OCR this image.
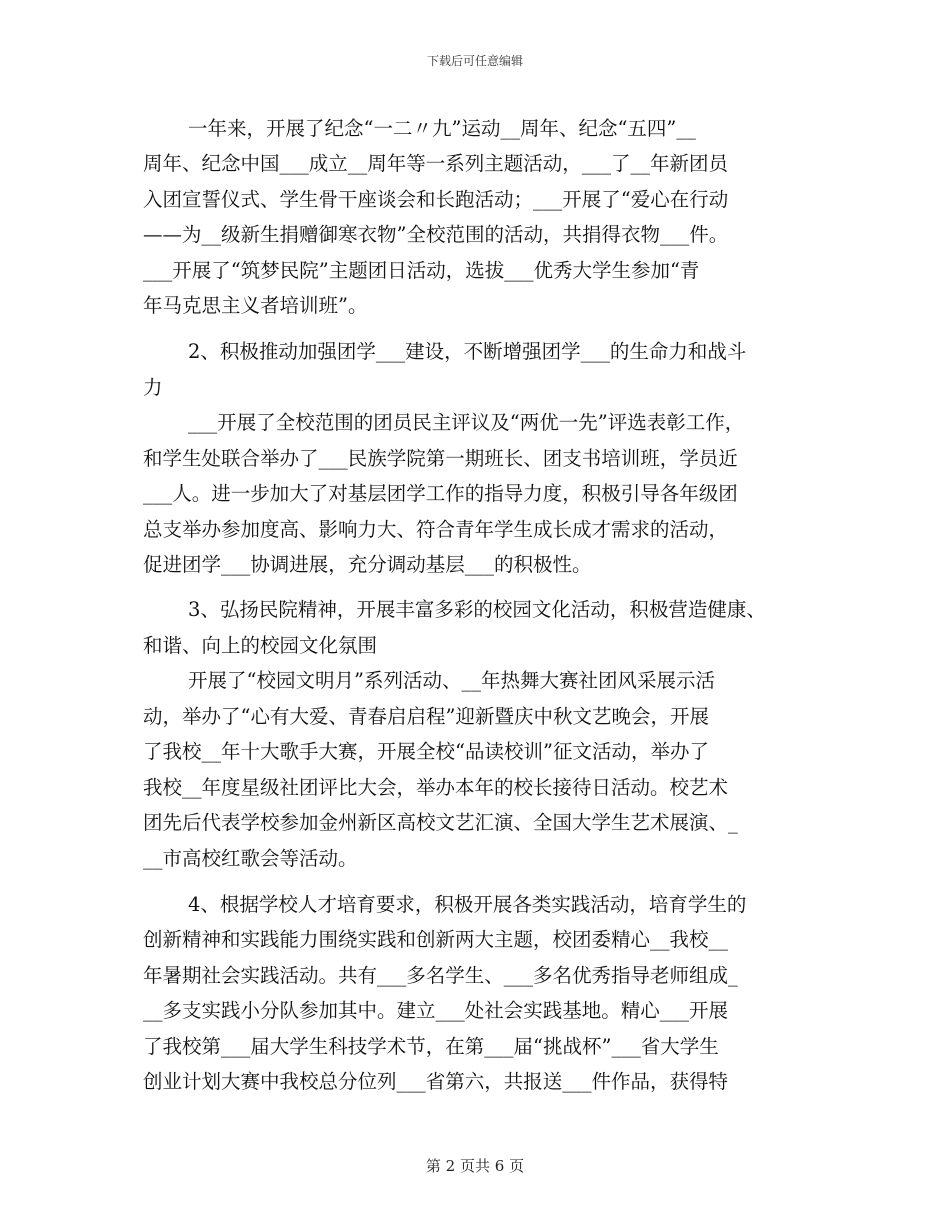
下载后可任意编辑
一年来，开展了纪念“一二〃九”运动__周年、纪念“五四”__
周年、纪念中国___成立__周年等一系列主题活动，___了__年新团员
入团宣誓仪式、学生骨干座谈会和长跑活动；___开展了“爱心在行动
——为__级新生捐赠御寒衣物”全校范围的活动，共捐得衣物___件。
___开展了“筑梦民院”主题团日活动，选拔___优秀大学生参加“青
年马克思主义者培训班”。
2、积极推动加强团学___建设，不断增强团学___的生命力和战斗
力
___开展了全校范围的团员民主评议及“两优一先”评选表彰工作，
和学生处联合举办了___民族学院第一期班长、团支书培训班，学员近
___人。进一步加大了对基层团学工作的指导力度，积极引导各年级团
总支举办参加度高、影响力大、符合青年学生成长成才需求的活动，
促进团学___协调进展，充分调动基层___的积极性。
3、弘扬民院精神，开展丰富多彩的校园文化活动，积极营造健康、
和谐、向上的校园文化氛围
开展了“校园文明月”系列活动、__年热舞大赛社团风采展示活
动，举办了“心有大爱、青春启启程”迎新暨庆中秋文艺晚会，开展
了我校__年十大歌手大赛，开展全校“品读校训”征文活动，举办了
我校__年度星级社团评比大会，举办本年的校长接待日活动。校艺术
团先后代表学校参加金州新区高校文艺汇演、全国大学生艺术展演、_
__市高校红歌会等活动。
4、根据学校人才培育要求，积极开展各类实践活动，培育学生的
创新精神和实践能力围绕实践和创新两大主题，校团委精心__我校__
年暑期社会实践活动。共有___多名学生、___多名优秀指导老师组成_
__多支实践小分队参加其中。建立___处社会实践基地。精心___开展
了我校第___届大学生科技学术节，在第___届“挑战杯”___省大学生
创业计划大赛中我校总分位列___省第六，共报送___件作品，获得特
第 2 页共 6 页
